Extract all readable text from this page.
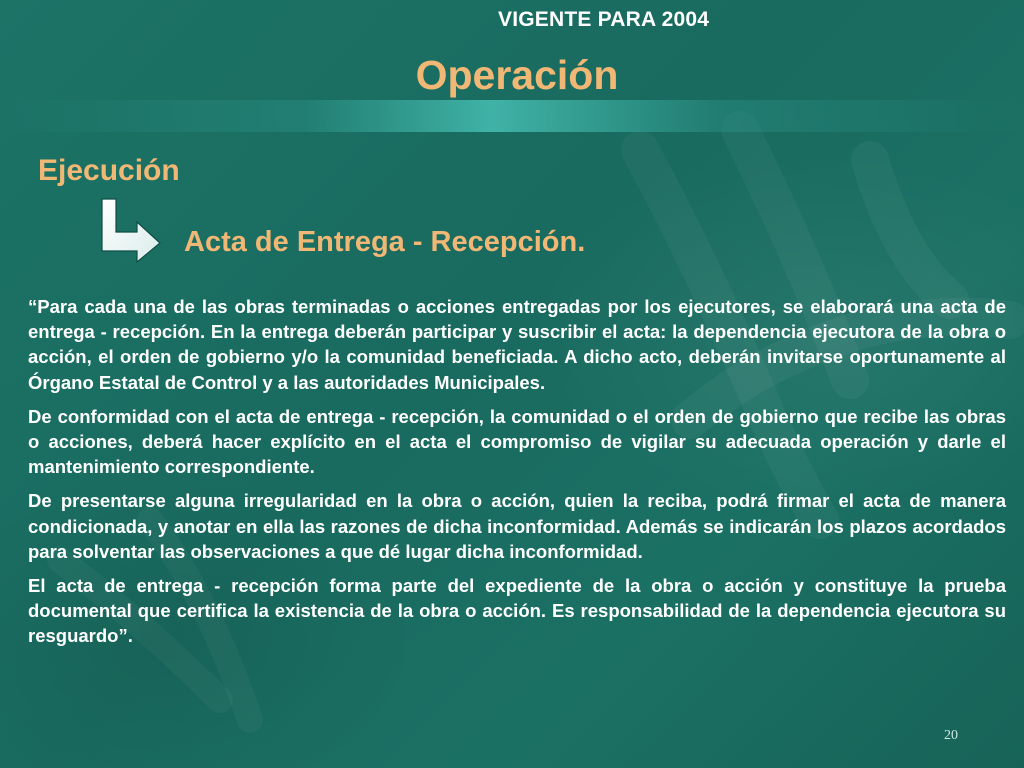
VIGENTE PARA 2004
Operación
Ejecución
Acta de Entrega - Recepción.

“Para cada una de las obras terminadas o acciones entregadas por los ejecutores, se elaborará una acta de entrega - recepción. En la entrega deberán participar y suscribir el acta: la dependencia ejecutora de la obra o acción, el orden de gobierno y/o la comunidad beneficiada. A dicho acto, deberán invitarse oportunamente al Órgano Estatal de Control y a las autoridades Municipales.

De conformidad con el acta de entrega - recepción, la comunidad o el orden de gobierno que recibe las obras o acciones, deberá hacer explícito en el acta el compromiso de vigilar su adecuada operación y darle el mantenimiento correspondiente.

De presentarse alguna irregularidad en la obra o acción, quien la reciba, podrá firmar el acta de manera condicionada, y anotar en ella las razones de dicha inconformidad. Además se indicarán los plazos acordados para solventar las observaciones a que dé lugar dicha inconformidad.

El acta de entrega - recepción forma parte del expediente de la obra o acción y constituye la prueba documental que certifica la existencia de la obra o acción. Es responsabilidad de la dependencia ejecutora su resguardo”.

20
